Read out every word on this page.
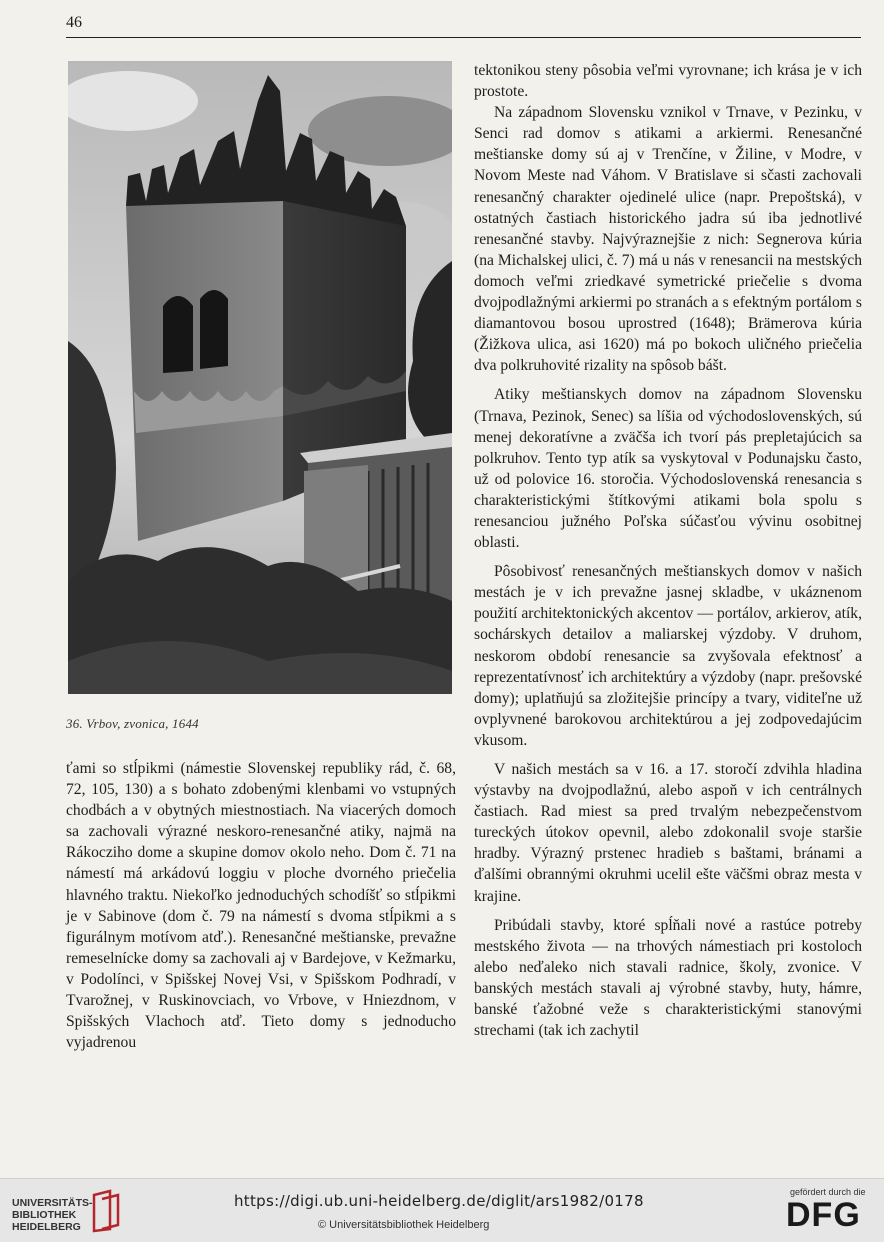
46
36. Vrbov, zvonica, 1644

ťami so stĺpikmi (námestie Slovenskej republiky rád, č. 68, 72, 105, 130) a s bohato zdobenými klenbami vo vstupných chodbách a v obytných miestnostiach. Na viacerých domoch sa zachovali výrazné neskoro-renesančné atiky, najmä na Rákocziho dome a skupine domov okolo neho. Dom č. 71 na námestí má arkádovú loggiu v ploche dvorného priečelia hlavného traktu. Niekoľko jednoduchých schodíšť so stĺpikmi je v Sabinove (dom č. 79 na námestí s dvoma stĺpikmi a s figurálnym motívom atď.). Renesančné meštianske, prevažne remeselnícke domy sa zachovali aj v Bardejove, v Kežmarku, v Podolínci, v Spišskej Novej Vsi, v Spišskom Podhradí, v Tvarožnej, v Ruskinovciach, vo Vrbove, v Hniezdnom, v Spišských Vlachoch atď. Tieto domy s jednoducho vyjadrenou

tektonikou steny pôsobia veľmi vyrovnane; ich krása je v ich prostote.

Na západnom Slovensku vznikol v Trnave, v Pezinku, v Senci rad domov s atikami a arkiermi. Renesančné meštianske domy sú aj v Trenčíne, v Žiline, v Modre, v Novom Meste nad Váhom. V Bratislave si sčasti zachovali renesančný charakter ojedinelé ulice (napr. Prepoštská), v ostatných častiach historického jadra sú iba jednotlivé renesančné stavby. Najvýraznejšie z nich: Segnerova kúria (na Michalskej ulici, č. 7) má u nás v renesancii na mestských domoch veľmi zriedkavé symetrické priečelie s dvoma dvojpodlažnými arkiermi po stranách a s efektným portálom s diamantovou bosou uprostred (1648); Brämerova kúria (Žižkova ulica, asi 1620) má po bokoch uličného priečelia dva polkruhovité rizality na spôsob bášt.

Atiky meštianskych domov na západnom Slovensku (Trnava, Pezinok, Senec) sa líšia od východoslovenských, sú menej dekoratívne a zväčša ich tvorí pás prepletajúcich sa polkruhov. Tento typ atík sa vyskytoval v Podunajsku často, už od polovice 16. storočia. Východoslovenská renesancia s charakteristickými štítkovými atikami bola spolu s renesanciou južného Poľska súčasťou vývinu osobitnej oblasti.

Pôsobivosť renesančných meštianskych domov v našich mestách je v ich prevažne jasnej skladbe, v ukáznenom použití architektonických akcentov — portálov, arkierov, atík, sochárskych detailov a maliarskej výzdoby. V druhom, neskorom období renesancie sa zvyšovala efektnosť a reprezentatívnosť ich architektúry a výzdoby (napr. prešovské domy); uplatňujú sa zložitejšie princípy a tvary, viditeľne už ovplyvnené barokovou architektúrou a jej zodpovedajúcim vkusom.

V našich mestách sa v 16. a 17. storočí zdvihla hladina výstavby na dvojpodlažnú, alebo aspoň v ich centrálnych častiach. Rad miest sa pred trvalým nebezpečenstvom tureckých útokov opevnil, alebo zdokonalil svoje staršie hradby. Výrazný prstenec hradieb s baštami, bránami a ďalšími obrannými okruhmi ucelil ešte väčšmi obraz mesta v krajine.

Pribúdali stavby, ktoré spĺňali nové a rastúce potreby mestského života — na trhových námestiach pri kostoloch alebo neďaleko nich stavali radnice, školy, zvonice. V banských mestách stavali aj výrobné stavby, huty, hámre, banské ťažobné veže s charakteristickými stanovými strechami (tak ich zachytil

UNIVERSITÄTS-
BIBLIOTHEK
HEIDELBERG
https://digi.ub.uni-heidelberg.de/diglit/ars1982/0178
© Universitätsbibliothek Heidelberg
gefördert durch die
DFG
